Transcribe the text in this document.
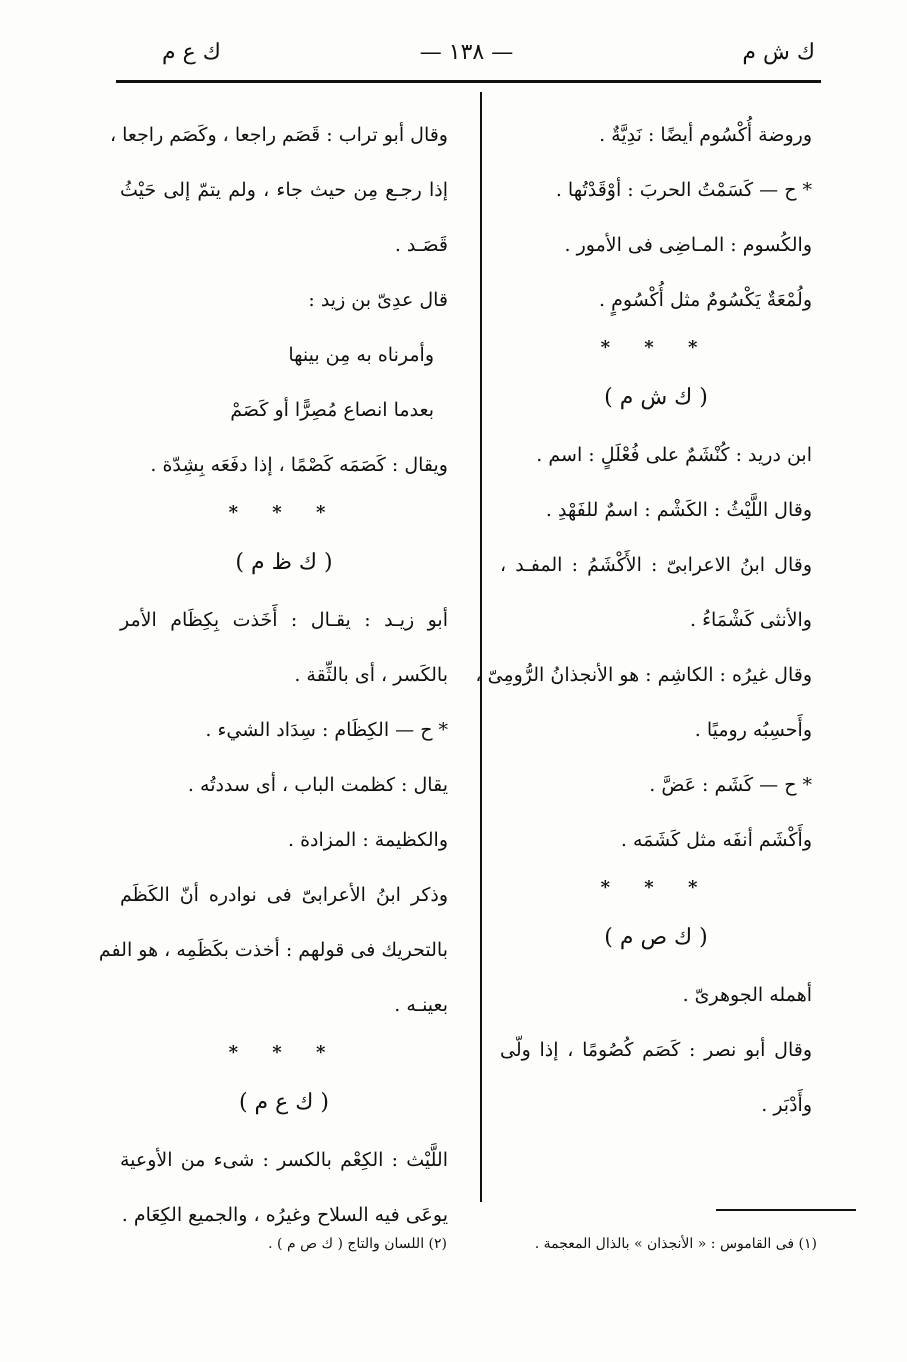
ك ش م
— ١٣٨ —
ك ع م
وروضة أُكْسُوم أيضًا : نَدِيَّةٌ .
* ح — كَسَمْتُ الحربَ : أوْقَدْتُها .
والكُسوم : المـاضِى فى الأمور .
ولُمْعَةٌ يَكْسُومٌ مثل أُكْسُومٍ .
* * *
( ك ش م )
ابن دريد : كُنْشَمٌ على فُعْلَلٍ : اسم .
وقال اللَّيْثُ : الكَشْم : اسمٌ للفَهْدِ .
وقال ابنُ الاعرابىّ : الأَكْشَمُ : المفـد ،
والأنثى كَشْمَاءُ .
وقال غيرُه : الكاشِم : هو الأنجذانُ الرُّومِىّ ،
وأَحسِبُه روميًا .
* ح — كَشَم : عَضَّ .
وأَكْشَم أنفَه مثل كَشَمَه .
* * *
( ك ص م )
أهمله الجوهرىّ .
وقال أبو نصر : كَصَم كُصُومًا ، إذا ولّى
وأَدْبَر .
وقال أبو تراب : قَصَم راجعا ، وكَصَم راجعا ،
إذا رجـع مِن حيث جاء ، ولم يتمّ إلى حَيْثُ
قَصَـد .
قال عدِىّ بن زيد :
وأمرناه به مِن بينها
بعدما انصاع مُصِرًّا أو كَصَمْ
ويقال : كَصَمَه كَصْمًا ، إذا دفَعَه بِشِدّة .
* * *
( ك ظ م )
أبو زيـد : يقـال : أَخَذت بِكِظَام الأمر
بالكَسر ، أى بالثِّقة .
* ح — الكِظَام : سِدَاد الشيء .
يقال : كظمت الباب ، أى سددتُه .
والكظيمة : المزادة .
وذكر ابنُ الأعرابىّ فى نوادره أنّ الكَظَم
بالتحريك فى قولهم : أخذت بكَظَمِه ، هو الفم
بعينـه .
* * *
( ك ع م )
اللَّيْث : الكِعْم بالكسر : شىء من الأوعية
يوعَى فيه السلاح وغيرُه ، والجميع الكِعَام .
(١) فى القاموس : « الأنجذان » بالذال المعجمة .
(٢) اللسان والتاج ( ك ص م ) .
